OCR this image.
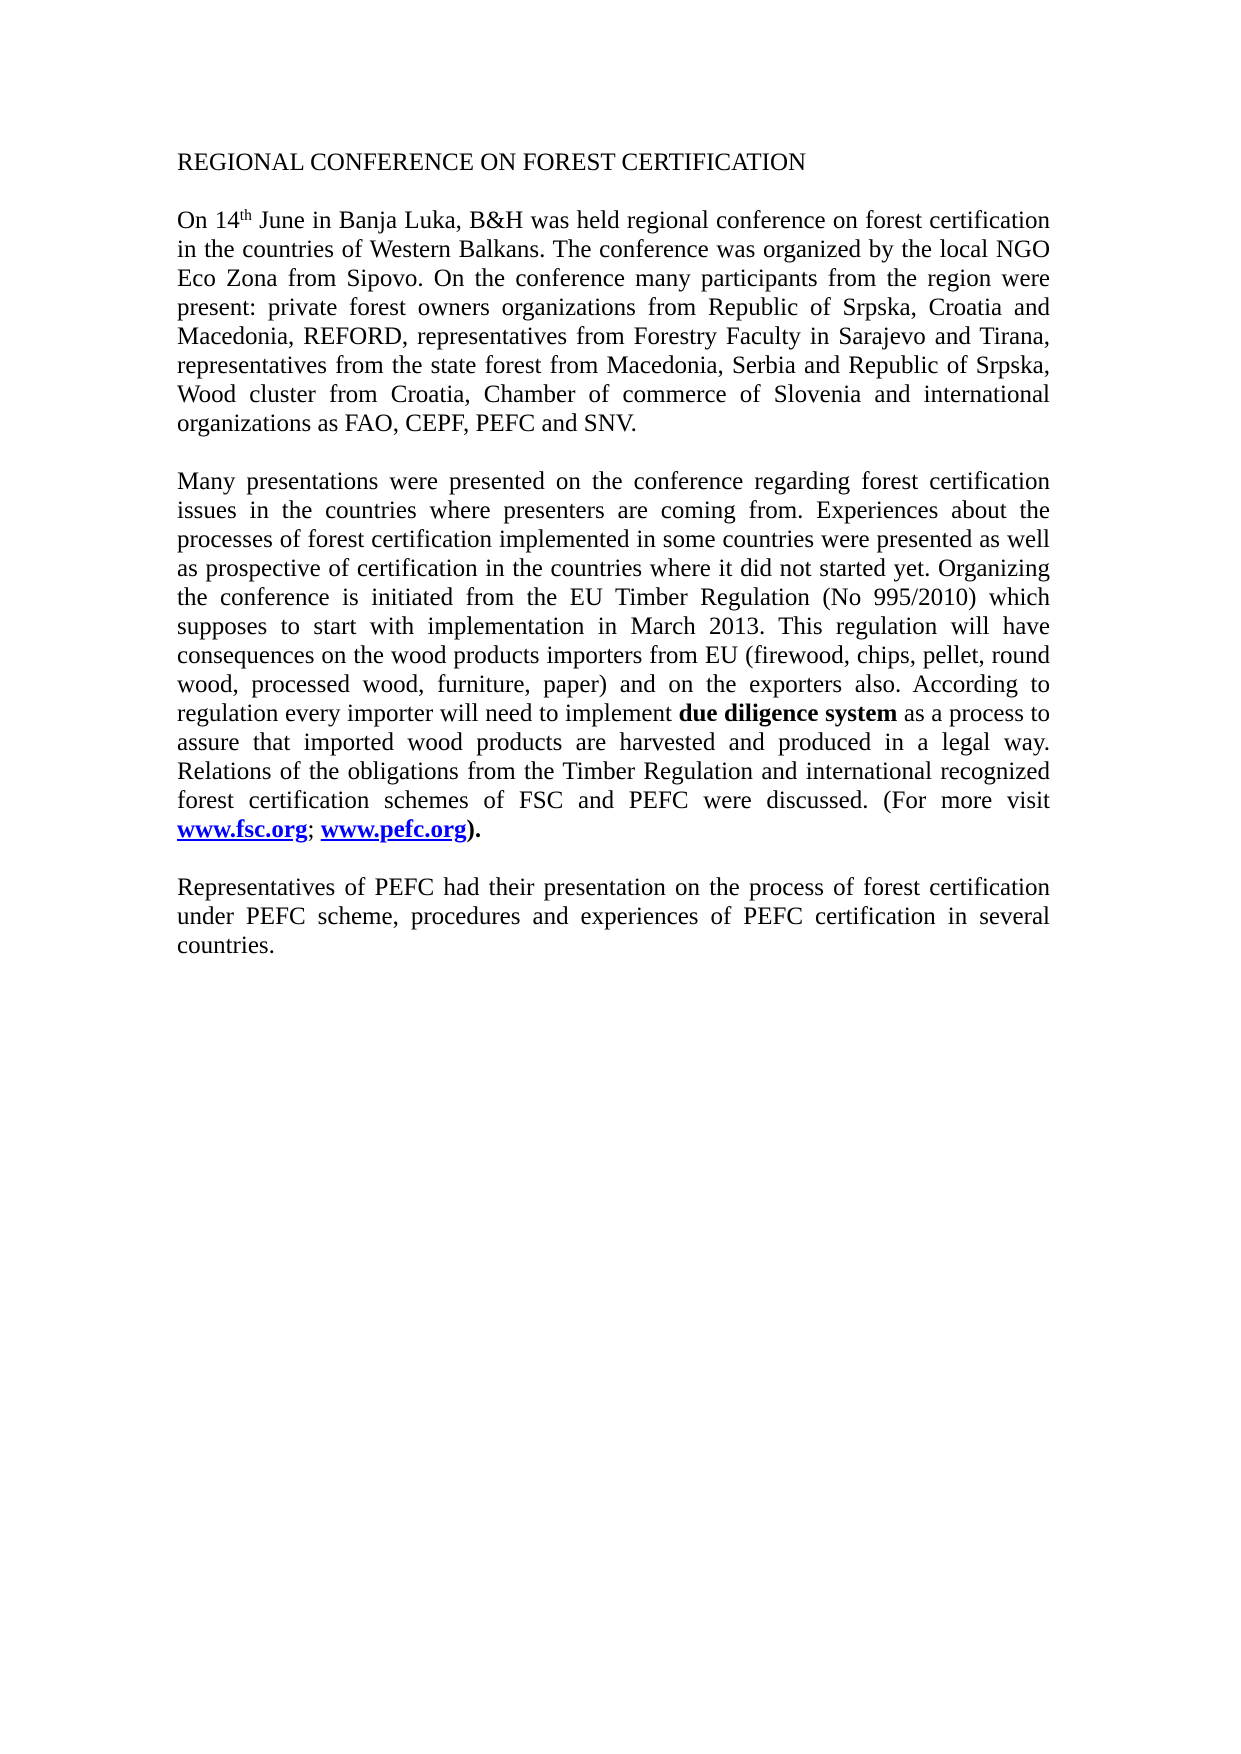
REGIONAL CONFERENCE ON FOREST CERTIFICATION

On 14th June in Banja Luka, B&H was held regional conference on forest certification in the countries of Western Balkans. The conference was organized by the local NGO Eco Zona from Sipovo. On the conference many participants from the region were present: private forest owners organizations from Republic of Srpska, Croatia and Macedonia, REFORD, representatives from Forestry Faculty in Sarajevo and Tirana, representatives from the state forest from Macedonia, Serbia and Republic of Srpska, Wood cluster from Croatia, Chamber of commerce of Slovenia and international organizations as FAO, CEPF, PEFC and SNV.

Many presentations were presented on the conference regarding forest certification issues in the countries where presenters are coming from. Experiences about the processes of forest certification implemented in some countries were presented as well as prospective of certification in the countries where it did not started yet. Organizing the conference is initiated from the EU Timber Regulation (No 995/2010) which supposes to start with implementation in March 2013. This regulation will have consequences on the wood products importers from EU (firewood, chips, pellet, round wood, processed wood, furniture, paper) and on the exporters also. According to regulation every importer will need to implement due diligence system as a process to assure that imported wood products are harvested and produced in a legal way. Relations of the obligations from the Timber Regulation and international recognized forest certification schemes of FSC and PEFC were discussed. (For more visit www.fsc.org; www.pefc.org).

Representatives of PEFC had their presentation on the process of forest certification under PEFC scheme, procedures and experiences of PEFC certification in several countries.
